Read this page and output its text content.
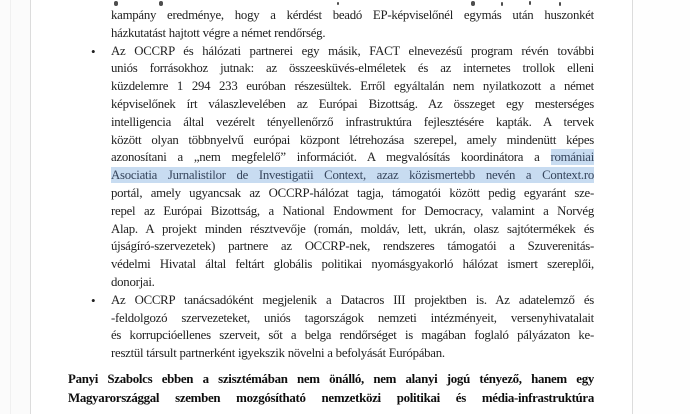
kampány eredménye, hogy a kérdést beadó EP-képviselőnél egymás után huszonkét
házkutatást hajtott végre a német rendőrség.
•	Az OCCRP és hálózati partnerei egy másik, FACT elnevezésű program révén további
uniós forrásokhoz jutnak: az összeesküvés-elméletek és az internetes trollok elleni
küzdelemre 1 294 233 euróban részesültek. Erről egyáltalán nem nyilatkozott a német
képviselőnek írt válaszlevelében az Európai Bizottság. Az összeget egy mesterséges
intelligencia által vezérelt tényellenőrző infrastruktúra fejlesztésére kapták. A tervek
között olyan többnyelvű európai központ létrehozása szerepel, amely mindenütt képes
azonosítani a „nem megfelelő” információt. A megvalósítás koordinátora a romániai
Asociatia Jurnalistilor de Investigatii Context, azaz közismertebb nevén a Context.ro
portál, amely ugyancsak az OCCRP-hálózat tagja, támogatói között pedig egyaránt sze-
repel az Európai Bizottság, a National Endowment for Democracy, valamint a Norvég
Alap. A projekt minden résztvevője (román, moldáv, lett, ukrán, olasz sajtótermékek és
újságíró-szervezetek) partnere az OCCRP-nek, rendszeres támogatói a Szuverenitás-
védelmi Hivatal által feltárt globális politikai nyomásgyakorló hálózat ismert szereplői,
donorjai.
•	Az OCCRP tanácsadóként megjelenik a Datacros III projektben is. Az adatelemző és
-feldolgozó szervezeteket, uniós tagországok nemzeti intézményeit, versenyhivatalait
és korrupcióellenes szerveit, sőt a belga rendőrséget is magában foglaló pályázaton ke-
resztül társult partnerként igyekszik növelni a befolyását Európában.
Panyi Szabolcs ebben a szisztémában nem önálló, nem alanyi jogú tényező, hanem egy
Magyarországgal szemben mozgósítható nemzetközi politikai és média-infrastruktúra
